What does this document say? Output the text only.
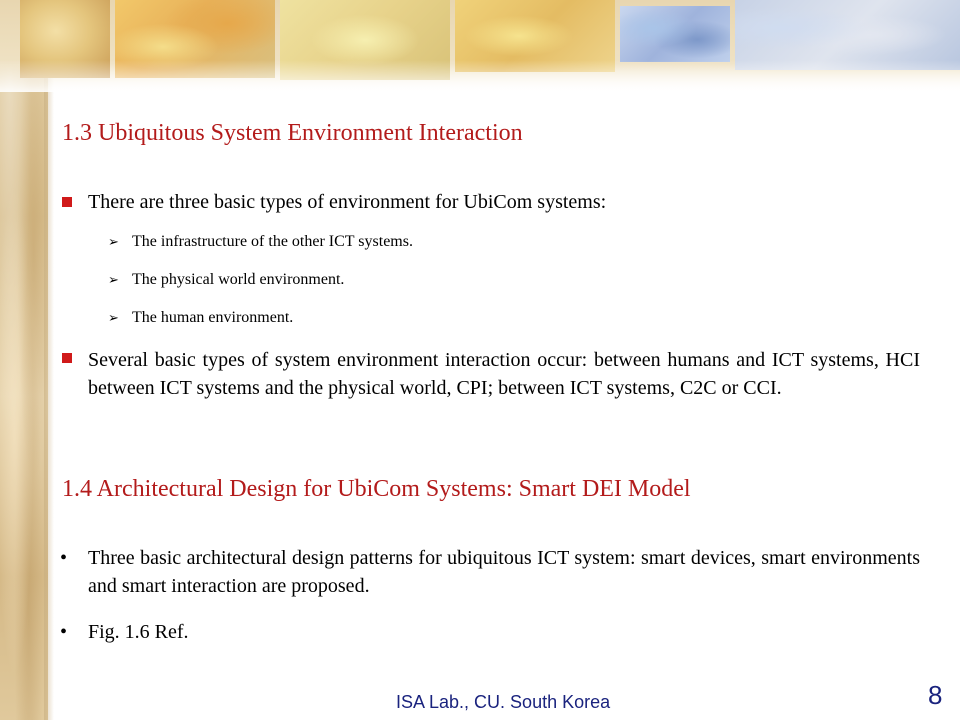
1.3 Ubiquitous System Environment Interaction
There are three basic types of environment for UbiCom systems:
➢ The infrastructure of the other ICT systems.
➢ The physical world environment.
➢ The human environment.
Several basic types of system environment interaction occur: between humans and ICT systems, HCI between ICT systems and the physical world, CPI; between ICT systems, C2C or CCI.
1.4 Architectural Design for UbiCom Systems: Smart DEI Model
• Three basic architectural design patterns for ubiquitous ICT system: smart devices, smart environments and smart interaction are proposed.
• Fig. 1.6 Ref.
ISA Lab., CU. South Korea	8
